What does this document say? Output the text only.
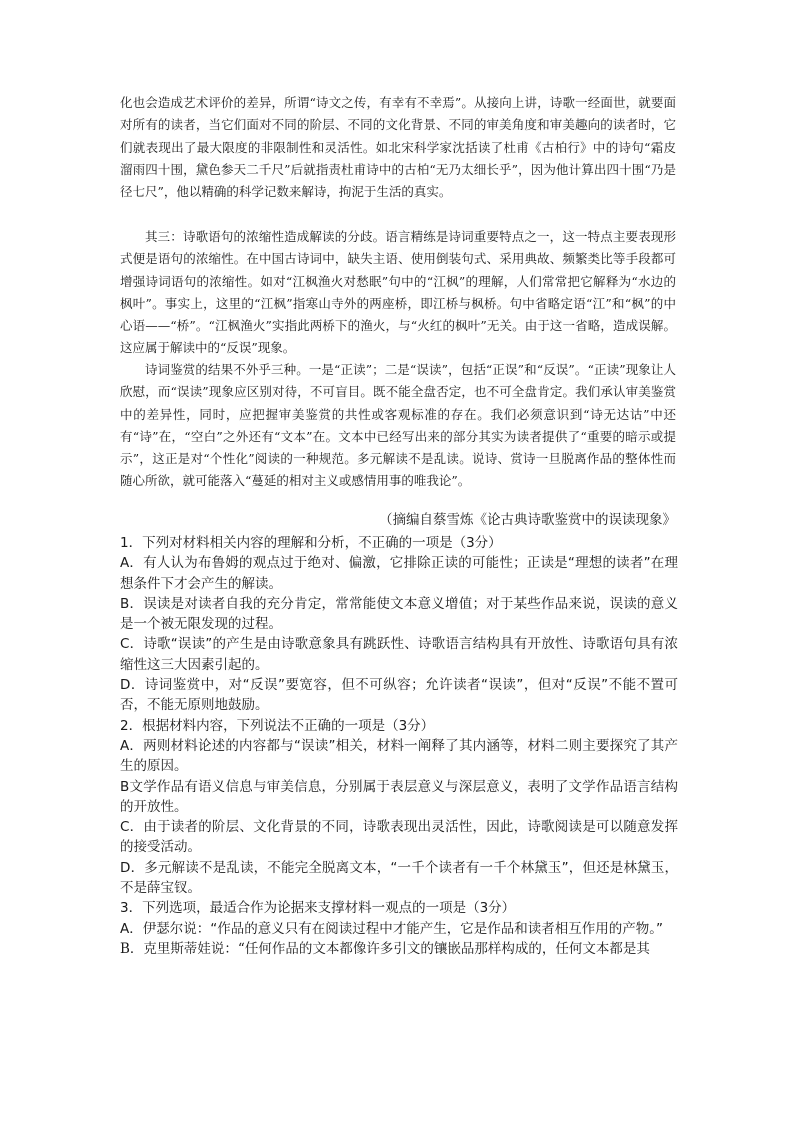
化也会造成艺术评价的差异，所谓“诗文之传，有幸有不幸焉”。从接向上讲，诗歌一经面世，就要面对所有的读者，当它们面对不同的阶层、不同的文化背景、不同的审美角度和审美趣向的读者时，它们就表现出了最大限度的非限制性和灵活性。如北宋科学家沈括读了杜甫《古柏行》中的诗句“霜皮溜雨四十围，黛色参天二千尺”后就指责杜甫诗中的古柏“无乃太细长乎”，因为他计算出四十围“乃是径七尺”，他以精确的科学记数来解诗，拘泥于生活的真实。
其三：诗歌语句的浓缩性造成解读的分歧。语言精练是诗词重要特点之一，这一特点主要表现形式便是语句的浓缩性。在中国古诗词中，缺失主语、使用倒装句式、采用典故、频繁类比等手段都可增强诗词语句的浓缩性。如对“江枫渔火对愁眠”句中的“江枫”的理解，人们常常把它解释为“水边的枫叶”。事实上，这里的“江枫”指寒山寺外的两座桥，即江桥与枫桥。句中省略定语“江”和“枫”的中心语——“桥”。“江枫渔火”实指此两桥下的渔火，与“火红的枫叶”无关。由于这一省略，造成误解。这应属于解读中的“反误”现象。
诗词鉴赏的结果不外乎三种。一是“正读”；二是“误读”，包括“正误”和“反误”。“正读”现象让人欣慰，而“误读”现象应区别对待，不可盲目。既不能全盘否定，也不可全盘肯定。我们承认审美鉴赏中的差异性，同时，应把握审美鉴赏的共性或客观标准的存在。我们必须意识到“诗无达诂”中还有“诗”在，“空白”之外还有“文本”在。文本中已经写出来的部分其实为读者提供了“重要的暗示或提示”，这正是对“个性化”阅读的一种规范。多元解读不是乱读。说诗、赏诗一旦脱离作品的整体性而随心所欲，就可能落入“蔓延的相对主义或感情用事的唯我论”。
（摘编自蔡雪炼《论古典诗歌鉴赏中的误读现象》

1．下列对材料相关内容的理解和分析，不正确的一项是（3分）

A．有人认为布鲁姆的观点过于绝对、偏激，它排除正读的可能性；正读是“理想的读者”在理想条件下才会产生的解读。

B．误读是对读者自我的充分肯定，常常能使文本意义增值；对于某些作品来说，误读的意义是一个被无限发现的过程。

C．诗歌“误读”的产生是由诗歌意象具有跳跃性、诗歌语言结构具有开放性、诗歌语句具有浓缩性这三大因素引起的。

D．诗词鉴赏中，对“反误”要宽容，但不可纵容；允许读者“误读”，但对“反误”不能不置可否，不能无原则地鼓励。

2．根据材料内容，下列说法不正确的一项是（3分）

A．两则材料论述的内容都与“误读”相关，材料一阐释了其内涵等，材料二则主要探究了其产生的原因。

B文学作品有语义信息与审美信息，分别属于表层意义与深层意义，表明了文学作品语言结构的开放性。

C．由于读者的阶层、文化背景的不同，诗歌表现出灵活性，因此，诗歌阅读是可以随意发挥的接受活动。

D．多元解读不是乱读，不能完全脱离文本，“一千个读者有一千个林黛玉”，但还是林黛玉，不是薛宝钗。

3．下列选项，最适合作为论据来支撑材料一观点的一项是（3分）

A．伊瑟尔说：“作品的意义只有在阅读过程中才能产生，它是作品和读者相互作用的产物。”

B．克里斯蒂娃说：“任何作品的文本都像许多引文的镶嵌品那样构成的，任何文本都是其
